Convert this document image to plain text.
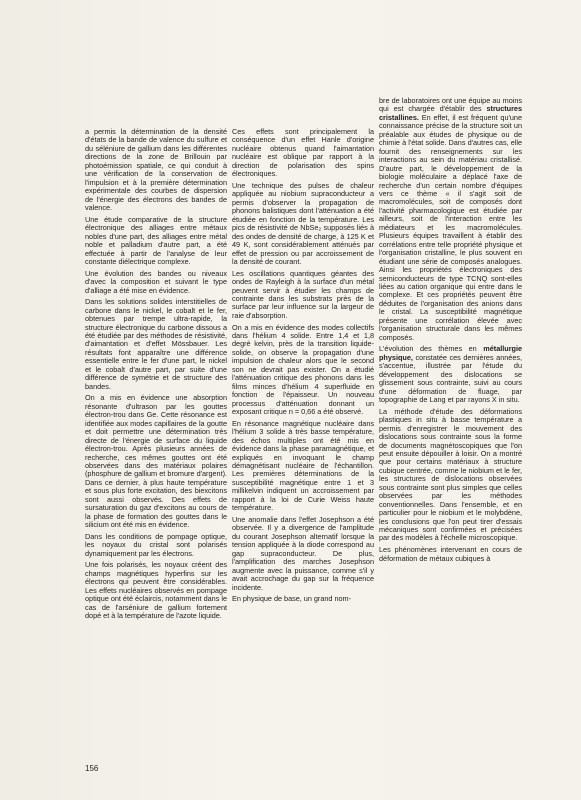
a permis la détermination de la densité d'états de la bande de valence du sulfure et du séléniure de gallium dans les différentes directions de la zone de Brillouin par photoémission spatiale, ce qui conduit à une vérification de la conservation de l'impulsion et à la première détermination expérimentale des courbes de dispersion de l'énergie des électrons des bandes de valence.

Une étude comparative de la structure électronique des alliages entre métaux nobles d'une part, des alliages entre métal noble et palladium d'autre part, a été effectuée à partir de l'analyse de leur constante diélectrique complexe.

Une évolution des bandes ou niveaux d'avec la composition et suivant le type d'alliage a été mise en évidence.

Dans les solutions solides interstitielles de carbone dans le nickel, le cobalt et le fer, obtenues par trempe ultra-rapide, la structure électronique du carbone dissous a été étudiée par des méthodes de résistivité, d'aimantation et d'effet Mössbauer. Les résultats font apparaître une différence essentielle entre le fer d'une part, le nickel et le cobalt d'autre part, par suite d'une différence de symétrie et de structure des bandes.

On a mis en évidence une absorption résonante d'ultrason par les gouttes électron-trou dans Ge. Cette résonance est identifiée aux modes capillaires de la goutte et doit permettre une détermination très directe de l'énergie de surface du liquide électron-trou. Après plusieurs années de recherche, ces mêmes gouttes ont été observées dans des matériaux polaires (phosphure de gallium et bromure d'argent). Dans ce dernier, à plus haute température et sous plus forte excitation, des biexcitons sont aussi observés. Des effets de sursaturation du gaz d'excitons au cours de la phase de formation des gouttes dans le silicium ont été mis en évidence.

Dans les conditions de pompage optique, les noyaux du cristal sont polarisés dynamiquement par les électrons.

Une fois polarisés, les noyaux créent des champs magnétiques hyperfins sur les électrons qui peuvent être considérables. Les effets nucléaires observés en pompage optique ont été éclaircis, notamment dans le cas de l'arséniure de gallium fortement dopé et à la température de l'azote liquide.

Ces effets sont principalement la conséquence d'un effet Hanle d'origine nucléaire obtenus quand l'aimantation nucléaire est oblique par rapport à la direction de polarisation des spins électroniques.

Une technique des pulses de chaleur appliquée au niobium supraconducteur a permis d'observer la propagation de phonons balistiques dont l'atténuation a été étudiée en fonction de la température. Les pics de résistivité de NbSe₂ supposés liés à des ondes de densité de charge, à 125 K et 49 K, sont considérablement atténués par effet de pression ou par accroissement de la densité de courant.

Les oscillations quantiques géantes des ondes de Rayleigh à la surface d'un métal peuvent servir à étudier les champs de contrainte dans les substrats près de la surface par leur influence sur la largeur de raie d'absorption.

On a mis en évidence des modes collectifs dans l'hélium 4 solide. Entre 1,4 et 1,8 degré kelvin, près de la transition liquide-solide, on observe la propagation d'une impulsion de chaleur alors que le second son ne devrait pas exister. On a étudié l'atténuation critique des phonons dans les films minces d'hélium 4 superfluide en fonction de l'épaisseur. Un nouveau processus d'atténuation donnant un exposant critique n = 0,66 a été observé.

En résonance magnétique nucléaire dans l'hélium 3 solide à très basse température, des échos multiples ont été mis en évidence dans la phase paramagnétique, et expliqués en invoquant le champ démagnétisant nucléaire de l'échantillon. Les premières déterminations de la susceptibilité magnétique entre 1 et 3 millikelvin indiquent un accroissement par rapport à la loi de Curie Weiss haute température.

Une anomalie dans l'effet Josephson a été observée. Il y a divergence de l'amplitude du courant Josephson alternatif lorsque la tension appliquée à la diode correspond au gap supraconducteur. De plus, l'amplification des marches Josephson augmente avec la puissance, comme s'il y avait accrochage du gap sur la fréquence incidente.

En physique de base, un grand nom-

bre de laboratoires ont une équipe au moins qui est chargée d'établir des structures cristallines. En effet, il est fréquent qu'une connaissance précise de la structure soit un préalable aux études de physique ou de chimie à l'état solide. Dans d'autres cas, elle fournit des renseignements sur les interactions au sein du matériau cristallisé. D'autre part, le développement de la biologie moléculaire a déplacé l'axe de recherche d'un certain nombre d'équipes vers ce thème « il s'agit soit de macromolécules, soit de composés dont l'activité pharmacologique est étudiée par ailleurs, soit de l'interaction entre les médiateurs et les macromolécules. Plusieurs équipes travaillent à établir des corrélations entre telle propriété physique et l'organisation cristalline, le plus souvent en étudiant une série de composés analogues. Ainsi les propriétés électroniques des semiconducteurs de type TCNQ sont-elles liées au cation organique qui entre dans le complexe. Et ces propriétés peuvent être déduites de l'organisation des anions dans le cristal. La susceptibilité magnétique présente une corrélation élevée avec l'organisation structurale dans les mêmes composés.

L'évolution des thèmes en métallurgie physique, constatée ces dernières années, s'accentue, illustrée par l'étude du développement des dislocations se glissement sous contrainte, suivi au cours d'une déformation de fluage, par topographie de Lang et par rayons X in situ.

La méthode d'étude des déformations plastiques in situ à basse température a permis d'enregistrer le mouvement des dislocations sous contrainte sous la forme de documents magnétoscopiques que l'on peut ensuite dépouiller à loisir. On a montré que pour certains matériaux à structure cubique centrée, comme le niobium et le fer, les structures de dislocations observées sous contrainte sont plus simples que celles observées par les méthodes conventionnelles. Dans l'ensemble, et en particulier pour le niobium et le molybdène, les conclusions que l'on peut tirer d'essais mécaniques sont confirmées et précisées par des modèles à l'échelle microscopique.

Les phénomènes intervenant en cours de déformation de métaux cubiques à

156
